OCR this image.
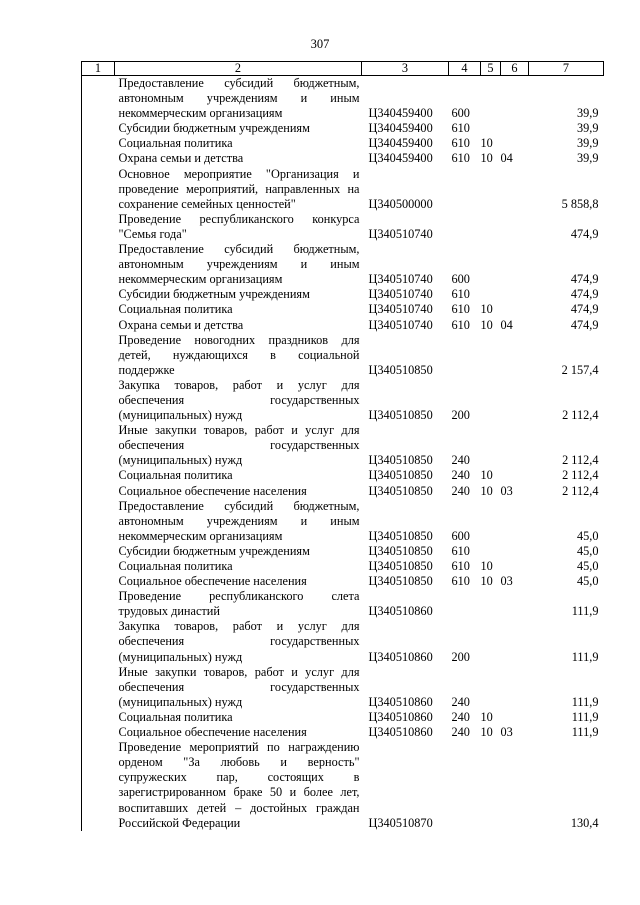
307
1	2	3	4	5	6	7
	Предоставление субсидий бюджетным, автономным учреждениям и иным некоммерческим организациям	Ц340459400	600			39,9
	Субсидии бюджетным учреждениям	Ц340459400	610			39,9
	Социальная политика	Ц340459400	610	10		39,9
	Охрана семьи и детства	Ц340459400	610	10	04	39,9
	Основное мероприятие "Организация и проведение мероприятий, направленных на сохранение семейных ценностей"	Ц340500000				5 858,8
	Проведение республиканского конкурса "Семья года"	Ц340510740				474,9
	Предоставление субсидий бюджетным, автономным учреждениям и иным некоммерческим организациям	Ц340510740	600			474,9
	Субсидии бюджетным учреждениям	Ц340510740	610			474,9
	Социальная политика	Ц340510740	610	10		474,9
	Охрана семьи и детства	Ц340510740	610	10	04	474,9
	Проведение новогодних праздников для детей, нуждающихся в социальной поддержке	Ц340510850				2 157,4
	Закупка товаров, работ и услуг для обеспечения государственных (муниципальных) нужд	Ц340510850	200			2 112,4
	Иные закупки товаров, работ и услуг для обеспечения государственных (муниципальных) нужд	Ц340510850	240			2 112,4
	Социальная политика	Ц340510850	240	10		2 112,4
	Социальное обеспечение населения	Ц340510850	240	10	03	2 112,4
	Предоставление субсидий бюджетным, автономным учреждениям и иным некоммерческим организациям	Ц340510850	600			45,0
	Субсидии бюджетным учреждениям	Ц340510850	610			45,0
	Социальная политика	Ц340510850	610	10		45,0
	Социальное обеспечение населения	Ц340510850	610	10	03	45,0
	Проведение республиканского слета трудовых династий	Ц340510860				111,9
	Закупка товаров, работ и услуг для обеспечения государственных (муниципальных) нужд	Ц340510860	200			111,9
	Иные закупки товаров, работ и услуг для обеспечения государственных (муниципальных) нужд	Ц340510860	240			111,9
	Социальная политика	Ц340510860	240	10		111,9
	Социальное обеспечение населения	Ц340510860	240	10	03	111,9
	Проведение мероприятий по награждению орденом "За любовь и верность" супружеских пар, состоящих в зарегистрированном браке 50 и более лет, воспитавших детей – достойных граждан Российской Федерации	Ц340510870				130,4
